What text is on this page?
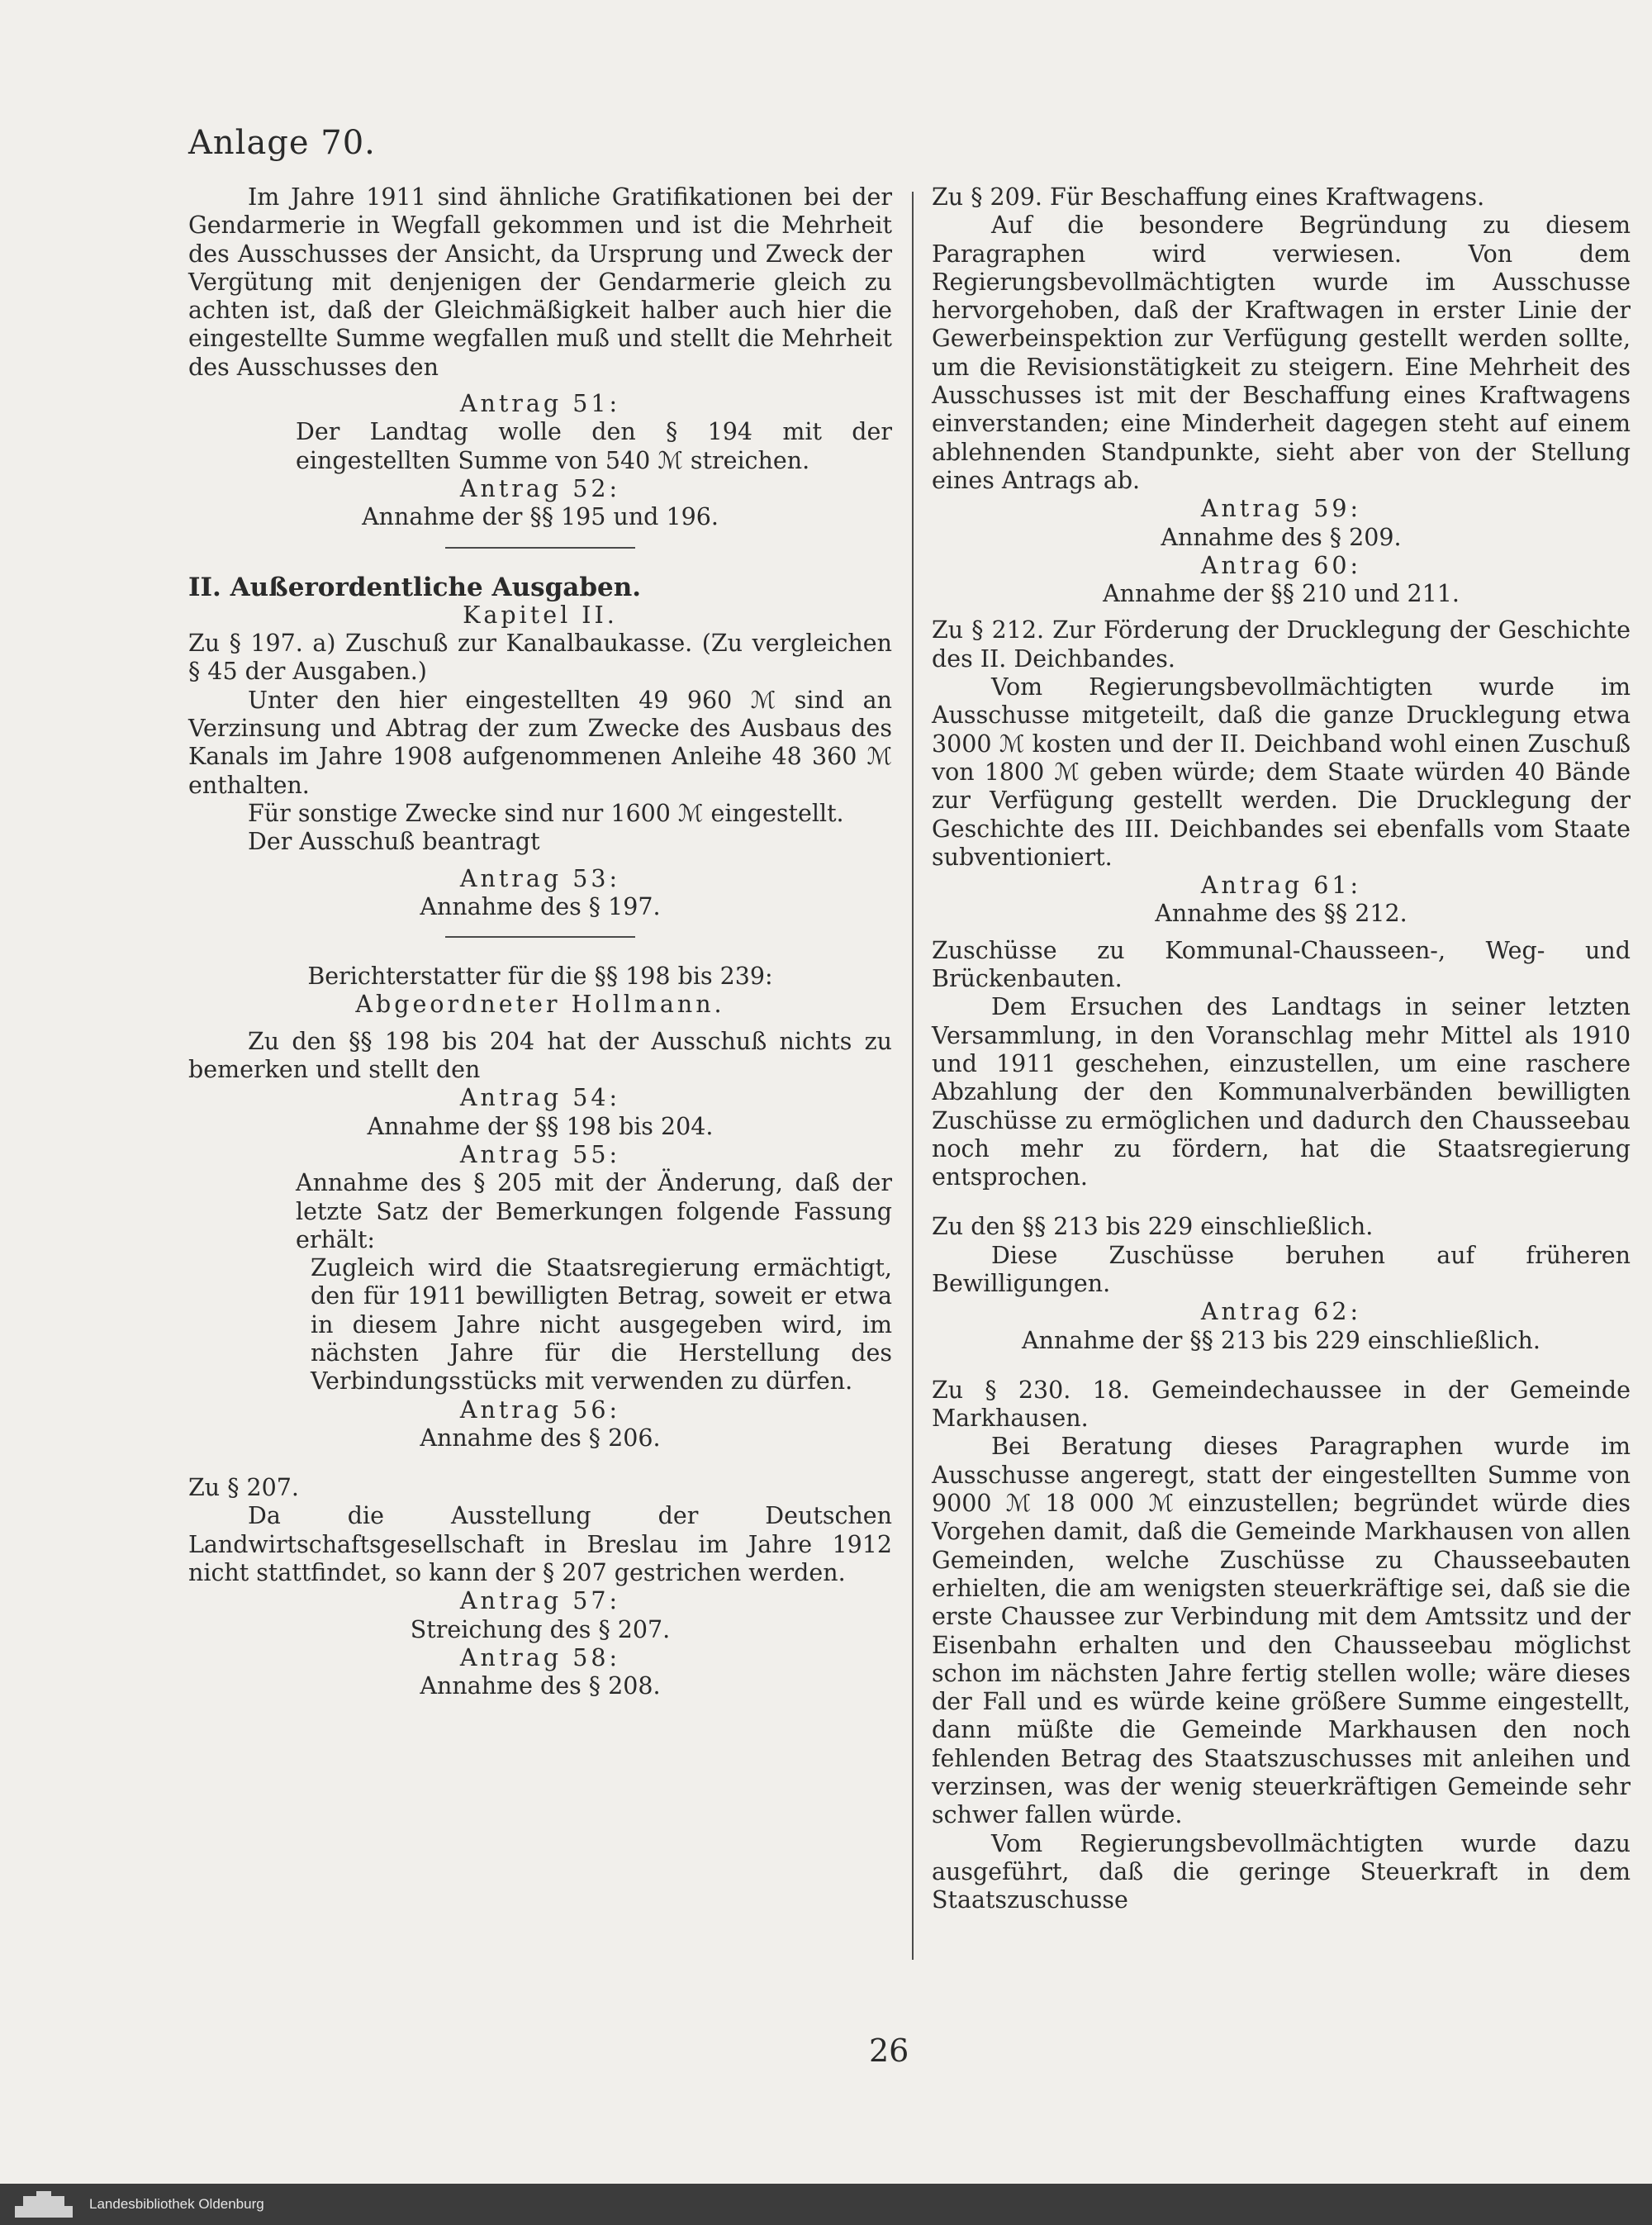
Anlage 70.

Im Jahre 1911 sind ähnliche Gratifikationen bei der Gendarmerie in Wegfall gekommen und ist die Mehrheit des Ausschusses der Ansicht, da Ursprung und Zweck der Vergütung mit denjenigen der Gendarmerie gleich zu achten ist, daß der Gleichmäßigkeit halber auch hier die eingestellte Summe wegfallen muß und stellt die Mehrheit des Ausschusses den

Antrag 51:

Der Landtag wolle den § 194 mit der eingestellten Summe von 540 ℳ streichen.

Antrag 52:

Annahme der §§ 195 und 196.

II. Außerordentliche Ausgaben.

Kapitel II.

Zu § 197. a) Zuschuß zur Kanalbaukasse. (Zu vergleichen § 45 der Ausgaben.)

Unter den hier eingestellten 49 960 ℳ sind an Verzinsung und Abtrag der zum Zwecke des Ausbaus des Kanals im Jahre 1908 aufgenommenen Anleihe 48 360 ℳ enthalten.

Für sonstige Zwecke sind nur 1600 ℳ eingestellt.

Der Ausschuß beantragt

Antrag 53:

Annahme des § 197.

Berichterstatter für die §§ 198 bis 239:

Abgeordneter Hollmann.

Zu den §§ 198 bis 204 hat der Ausschuß nichts zu bemerken und stellt den

Antrag 54:

Annahme der §§ 198 bis 204.

Antrag 55:

Annahme des § 205 mit der Änderung, daß der letzte Satz der Bemerkungen folgende Fassung erhält:

Zugleich wird die Staatsregierung ermächtigt, den für 1911 bewilligten Betrag, soweit er etwa in diesem Jahre nicht ausgegeben wird, im nächsten Jahre für die Herstellung des Verbindungsstücks mit verwenden zu dürfen.

Antrag 56:

Annahme des § 206.

Zu § 207.

Da die Ausstellung der Deutschen Landwirtschaftsgesellschaft in Breslau im Jahre 1912 nicht stattfindet, so kann der § 207 gestrichen werden.

Antrag 57:

Streichung des § 207.

Antrag 58:

Annahme des § 208.

Zu § 209. Für Beschaffung eines Kraftwagens.

Auf die besondere Begründung zu diesem Paragraphen wird verwiesen. Von dem Regierungsbevollmächtigten wurde im Ausschusse hervorgehoben, daß der Kraftwagen in erster Linie der Gewerbeinspektion zur Verfügung gestellt werden sollte, um die Revisionstätigkeit zu steigern. Eine Mehrheit des Ausschusses ist mit der Beschaffung eines Kraftwagens einverstanden; eine Minderheit dagegen steht auf einem ablehnenden Standpunkte, sieht aber von der Stellung eines Antrags ab.

Antrag 59:

Annahme des § 209.

Antrag 60:

Annahme der §§ 210 und 211.

Zu § 212. Zur Förderung der Drucklegung der Geschichte des II. Deichbandes.

Vom Regierungsbevollmächtigten wurde im Ausschusse mitgeteilt, daß die ganze Drucklegung etwa 3000 ℳ kosten und der II. Deichband wohl einen Zuschuß von 1800 ℳ geben würde; dem Staate würden 40 Bände zur Verfügung gestellt werden. Die Drucklegung der Geschichte des III. Deichbandes sei ebenfalls vom Staate subventioniert.

Antrag 61:

Annahme des §§ 212.

Zuschüsse zu Kommunal-Chausseen-, Weg- und Brückenbauten.

Dem Ersuchen des Landtags in seiner letzten Versammlung, in den Voranschlag mehr Mittel als 1910 und 1911 geschehen, einzustellen, um eine raschere Abzahlung der den Kommunalverbänden bewilligten Zuschüsse zu ermöglichen und dadurch den Chausseebau noch mehr zu fördern, hat die Staatsregierung entsprochen.

Zu den §§ 213 bis 229 einschließlich.

Diese Zuschüsse beruhen auf früheren Bewilligungen.

Antrag 62:

Annahme der §§ 213 bis 229 einschließlich.

Zu § 230. 18. Gemeindechaussee in der Gemeinde Markhausen.

Bei Beratung dieses Paragraphen wurde im Ausschusse angeregt, statt der eingestellten Summe von 9000 ℳ 18 000 ℳ einzustellen; begründet würde dies Vorgehen damit, daß die Gemeinde Markhausen von allen Gemeinden, welche Zuschüsse zu Chausseebauten erhielten, die am wenigsten steuerkräftige sei, daß sie die erste Chaussee zur Verbindung mit dem Amtssitz und der Eisenbahn erhalten und den Chausseebau möglichst schon im nächsten Jahre fertig stellen wolle; wäre dieses der Fall und es würde keine größere Summe eingestellt, dann müßte die Gemeinde Markhausen den noch fehlenden Betrag des Staatszuschusses mit anleihen und verzinsen, was der wenig steuerkräftigen Gemeinde sehr schwer fallen würde.

Vom Regierungsbevollmächtigten wurde dazu ausgeführt, daß die geringe Steuerkraft in dem Staatszuschusse

26
Landesbibliothek Oldenburg
